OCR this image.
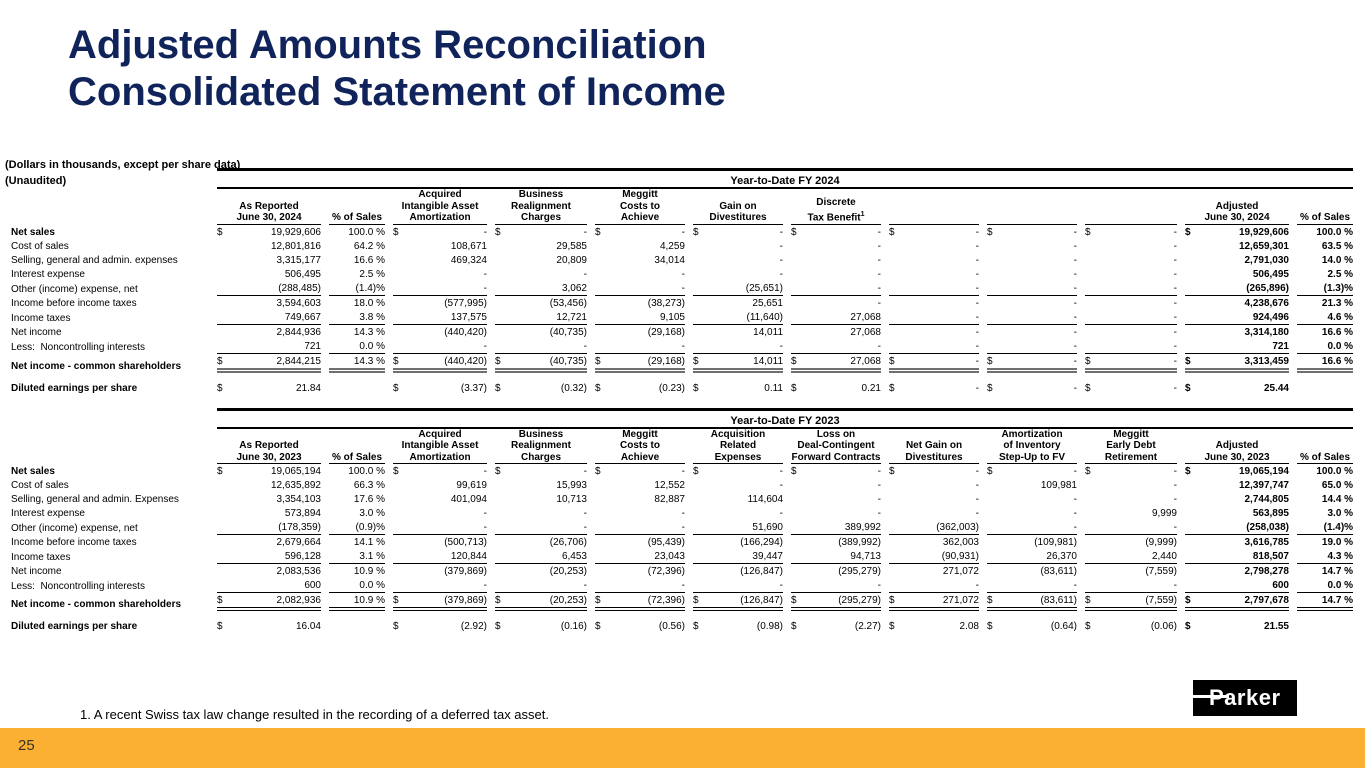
Adjusted Amounts Reconciliation
Consolidated Statement of Income
(Dollars in thousands, except per share data)
(Unaudited)
		Year-to-Date FY 2024											
	As Reported
June 30, 2024	% of Sales	Acquired
Intangible Asset
Amortization	Business
Realignment
Charges	Meggitt
Costs to
Achieve	Gain on
Divestitures	Discrete
Tax Benefit$^1$				Adjusted
June 30, 2024	% of Sales
Net sales	$ 19,929,606	100.0 %	$ -	$ -	$ -	$ -	$ -	$ -	$ -	$ -	$ 19,929,606	100.0 %

Cost of sales	12,801,816	64.2 %	108,671	29,585	4,259	-	-	-	-	-	12,659,301	63.5 %

Selling, general and admin. expenses	3,315,177	16.6 %	469,324	20,809	34,014	-	-	-	-	-	2,791,030	14.0 %

Interest expense	506,495	2.5 %	-	-	-	-	-	-	-	-	506,495	2.5 %

Other (income) expense, net	(288,485)	(1.4)%	-	3,062	-	(25,651)	-	-	-	-	(265,896)	(1.3)%

Income before income taxes	3,594,603	18.0 %	(577,995)	(53,456)	(38,273)	25,651	-	-	-	-	4,238,676	21.3 %

Income taxes	749,667	3.8 %	137,575	12,721	9,105	(11,640)	27,068	-	-	-	924,496	4.6 %

Net income	2,844,936	14.3 %	(440,420)	(40,735)	(29,168)	14,011	27,068	-	-	-	3,314,180	16.6 %

Less:  Noncontrolling interests	721	0.0 %	-	-	-	-	-	-	-	-	721	0.0 %

Net income - common shareholders	$ 2,844,215	14.3 %	$ (440,420)	$ (40,735)	$ (29,168)	$ 14,011	$ 27,068	$ -	$ -	$ -	$ 3,313,459	16.6 %

Diluted earnings per share	$ 21.84		$ (3.37)	$ (0.32)	$ (0.23)	$ 0.11	$ 0.21	$ -	$ -	$ -	$ 25.44	

	Year-to-Date FY 2023											
	As Reported
June 30, 2023	% of Sales	Acquired
Intangible Asset
Amortization	Business
Realignment
Charges	Meggitt
Costs to
Achieve	Acquisition
Related
Expenses	Loss on
Deal-Contingent
Forward Contracts	Net Gain on
Divestitures	Amortization
of Inventory
Step-Up to FV	Meggitt
Early Debt
Retirement	Adjusted
June 30, 2023	% of Sales
Net sales	$ 19,065,194	100.0 %	$ -	$ -	$ -	$ -	$ -	$ -	$ -	$ -	$ 19,065,194	100.0 %

Cost of sales	12,635,892	66.3 %	99,619	15,993	12,552	-	-	-	109,981	-	12,397,747	65.0 %

Selling, general and admin. Expenses	3,354,103	17.6 %	401,094	10,713	82,887	114,604	-	-	-	-	2,744,805	14.4 %

Interest expense	573,894	3.0 %	-	-	-	-	-	-	-	9,999	563,895	3.0 %

Other (income) expense, net	(178,359)	(0.9)%	-	-	-	51,690	389,992	(362,003)	-	-	(258,038)	(1.4)%

Income before income taxes	2,679,664	14.1 %	(500,713)	(26,706)	(95,439)	(166,294)	(389,992)	362,003	(109,981)	(9,999)	3,616,785	19.0 %

Income taxes	596,128	3.1 %	120,844	6,453	23,043	39,447	94,713	(90,931)	26,370	2,440	818,507	4.3 %

Net income	2,083,536	10.9 %	(379,869)	(20,253)	(72,396)	(126,847)	(295,279)	271,072	(83,611)	(7,559)	2,798,278	14.7 %

Less:  Noncontrolling interests	600	0.0 %	-	-	-	-	-	-	-	-	600	0.0 %

Net income - common shareholders	$ 2,082,936	10.9 %	$ (379,869)	$ (20,253)	$ (72,396)	$ (126,847)	$ (295,279)	$ 271,072	$ (83,611)	$ (7,559)	$ 2,797,678	14.7 %

Diluted earnings per share	$ 16.04		$ (2.92)	$ (0.16)	$ (0.56)	$ (0.98)	$ (2.27)	$ 2.08	$ (0.64)	$ (0.06)	$ 21.55	

1. A recent Swiss tax law change resulted in the recording of a deferred tax asset.
Parker
25
